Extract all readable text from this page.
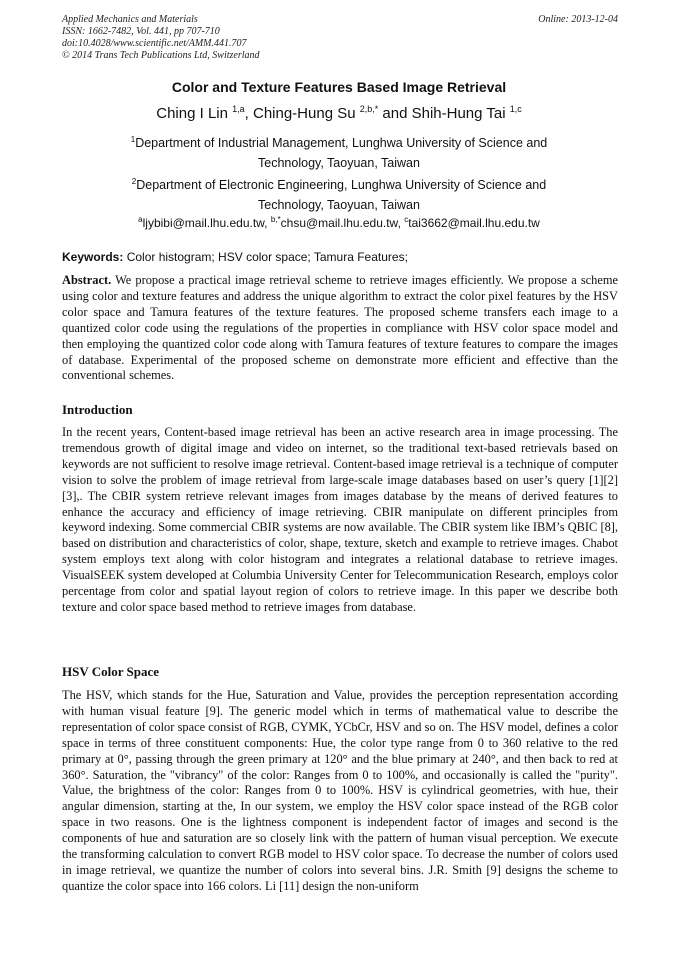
Applied Mechanics and Materials	Online: 2013-12-04
ISSN: 1662-7482, Vol. 441, pp 707-710
doi:10.4028/www.scientific.net/AMM.441.707
© 2014 Trans Tech Publications Ltd, Switzerland
Color and Texture Features Based Image Retrieval
Ching I Lin $^{1,a}$, Ching-Hung Su $^{2,b,*}$ and Shih-Hung Tai $^{1,c}$
$^1$Department of Industrial Management, Lunghwa University of Science and
Technology, Taoyuan, Taiwan
$^2$Department of Electronic Engineering, Lunghwa University of Science and
Technology, Taoyuan, Taiwan
$^a$ljybibi@mail.lhu.edu.tw, $^{b,*}$chsu@mail.lhu.edu.tw, $^c$tai3662@mail.lhu.edu.tw
Keywords: Color histogram; HSV color space; Tamura Features;
Abstract. We propose a practical image retrieval scheme to retrieve images efficiently. We propose a scheme using color and texture features and address the unique algorithm to extract the color pixel features by the HSV color space and Tamura features of the texture features. The proposed scheme transfers each image to a quantized color code using the regulations of the properties in compliance with HSV color space model and then employing the quantized color code along with Tamura features of texture features to compare the images of database. Experimental of the proposed scheme on demonstrate more efficient and effective than the conventional schemes.
Introduction
In the recent years, Content-based image retrieval has been an active research area in image processing. The tremendous growth of digital image and video on internet, so the traditional text-based retrievals based on keywords are not sufficient to resolve image retrieval. Content-based image retrieval is a technique of computer vision to solve the problem of image retrieval from large-scale image databases based on user’s query [1][2][3],. The CBIR system retrieve relevant images from images database by the means of derived features to enhance the accuracy and efficiency of image retrieving. CBIR manipulate on different principles from keyword indexing. Some commercial CBIR systems are now available. The CBIR system like IBM’s QBIC [8], based on distribution and characteristics of color, shape, texture, sketch and example to retrieve images. Chabot system employs text along with color histogram and integrates a relational database to retrieve images. VisualSEEK system developed at Columbia University Center for Telecommunication Research, employs color percentage from color and spatial layout region of colors to retrieve image. In this paper we describe both texture and color space based method to retrieve images from database.
HSV Color Space
The HSV, which stands for the Hue, Saturation and Value, provides the perception representation according with human visual feature [9]. The generic model which in terms of mathematical value to describe the representation of color space consist of RGB, CYMK, YCbCr, HSV and so on. The HSV model, defines a color space in terms of three constituent components: Hue, the color type range from 0 to 360 relative to the red primary at 0°, passing through the green primary at 120° and the blue primary at 240°, and then back to red at 360°. Saturation, the "vibrancy" of the color: Ranges from 0 to 100%, and occasionally is called the "purity". Value, the brightness of the color: Ranges from 0 to 100%. HSV is cylindrical geometries, with hue, their angular dimension, starting at the, In our system, we employ the HSV color space instead of the RGB color space in two reasons. One is the lightness component is independent factor of images and second is the components of hue and saturation are so closely link with the pattern of human visual perception. We execute the transforming calculation to convert RGB model to HSV color space. To decrease the number of colors used in image retrieval, we quantize the number of colors into several bins. J.R. Smith [9] designs the scheme to quantize the color space into 166 colors. Li [11] design the non-uniform
